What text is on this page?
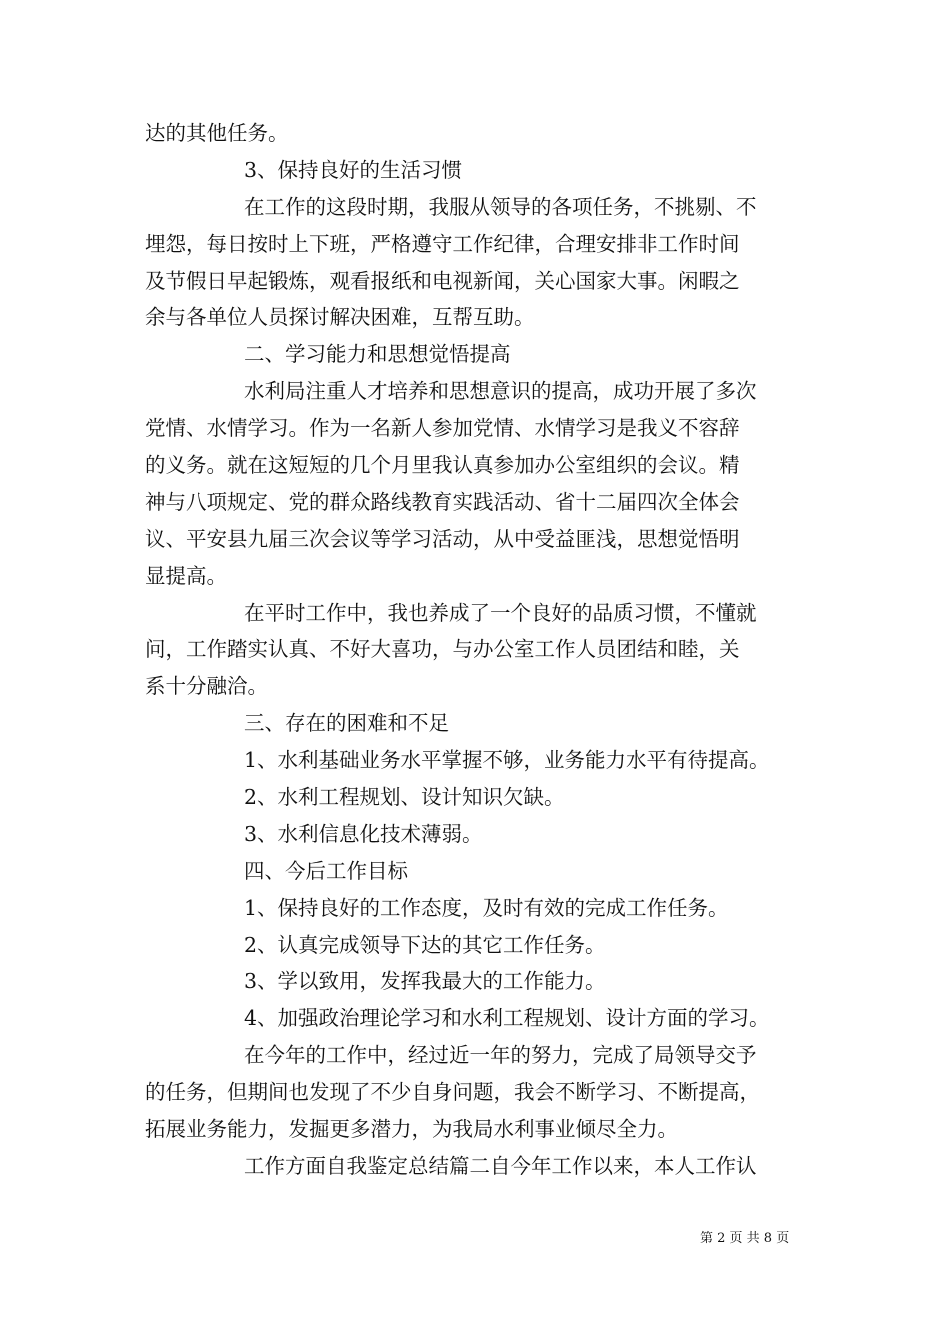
达的其他任务。
3、保持良好的生活习惯
在工作的这段时期，我服从领导的各项任务，不挑剔、不
埋怨，每日按时上下班，严格遵守工作纪律，合理安排非工作时间
及节假日早起锻炼，观看报纸和电视新闻，关心国家大事。闲暇之
余与各单位人员探讨解决困难，互帮互助。
二、学习能力和思想觉悟提高
水利局注重人才培养和思想意识的提高，成功开展了多次
党情、水情学习。作为一名新人参加党情、水情学习是我义不容辞
的义务。就在这短短的几个月里我认真参加办公室组织的会议。精
神与八项规定、党的群众路线教育实践活动、省十二届四次全体会
议、平安县九届三次会议等学习活动，从中受益匪浅，思想觉悟明
显提高。
在平时工作中，我也养成了一个良好的品质习惯，不懂就
问，工作踏实认真、不好大喜功，与办公室工作人员团结和睦，关
系十分融洽。
三、存在的困难和不足
1、水利基础业务水平掌握不够，业务能力水平有待提高。
2、水利工程规划、设计知识欠缺。
3、水利信息化技术薄弱。
四、今后工作目标
1、保持良好的工作态度，及时有效的完成工作任务。
2、认真完成领导下达的其它工作任务。
3、学以致用，发挥我最大的工作能力。
4、加强政治理论学习和水利工程规划、设计方面的学习。
在今年的工作中，经过近一年的努力，完成了局领导交予
的任务，但期间也发现了不少自身问题，我会不断学习、不断提高，
拓展业务能力，发掘更多潜力，为我局水利事业倾尽全力。
工作方面自我鉴定总结篇二自今年工作以来，本人工作认
第 2 页 共 8 页
